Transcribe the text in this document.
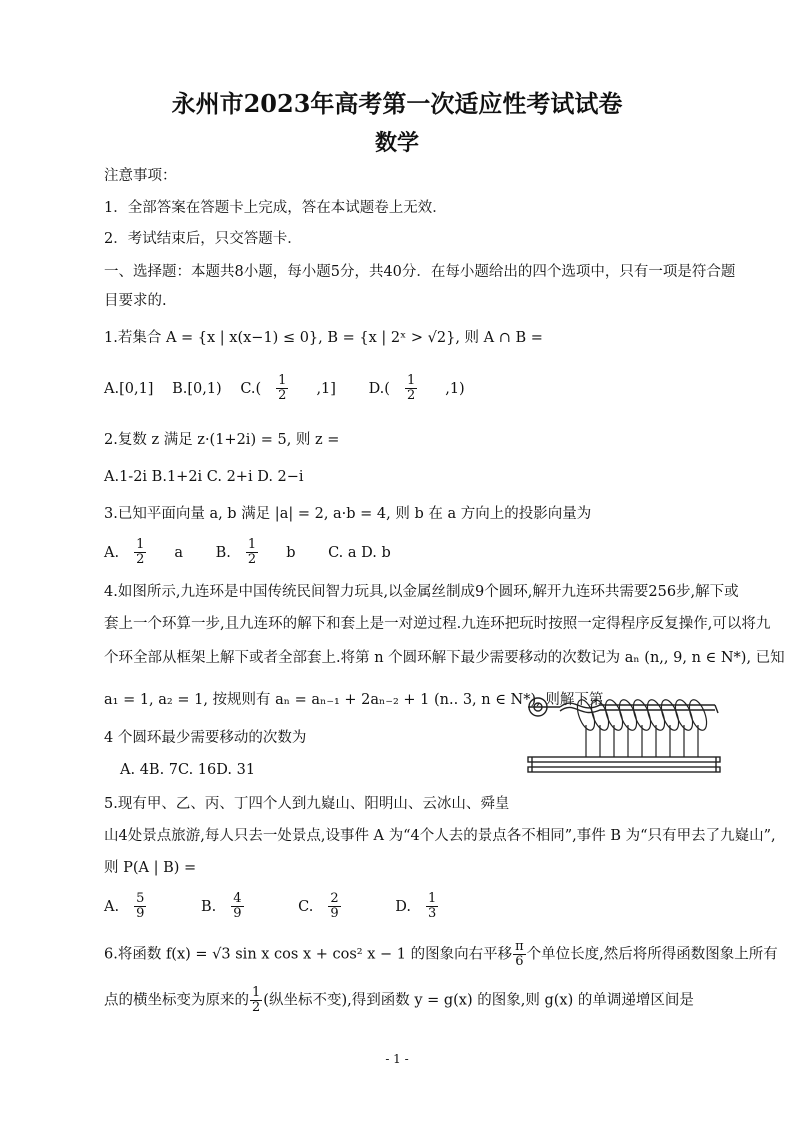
永州市2023年高考第一次适应性考试试卷
数学
注意事项：
1．全部答案在答题卡上完成，答在本试题卷上无效．
2．考试结束后，只交答题卡．
一、选择题：本题共8小题，每小题5分，共40分．在每小题给出的四个选项中，只有一项是符合题
目要求的.
1.若集合 A = {x | x(x−1) ≤ 0}, B = {x | 2ˣ > √2}, 则 A ∩ B =
A.[0,1] B.[0,1) $C.( \frac{1}{2} ,1]$ $D.( \frac{1}{2} ,1)$
2.复数 z 满足 z·(1+2i) = 5, 则 z =
A.1-2i B.1+2i C. 2+i D. 2−i
3.已知平面向量 a, b 满足 |a| = 2, a·b = 4, 则 b 在 a 方向上的投影向量为
A. $\frac{1}{2}$ a B. $\frac{1}{2}$ b C. a D. b
4.如图所示,九连环是中国传统民间智力玩具,以金属丝制成9个圆环,解开九连环共需要256步,解下或
套上一个环算一步,且九连环的解下和套上是一对逆过程.九连环把玩时按照一定得程序反复操作,可以将九
个环全部从框架上解下或者全部套上.将第 n 个圆环解下最少需要移动的次数记为 aₙ (n,, 9, n ∈ N*), 已知
a₁ = 1, a₂ = 1, 按规则有 aₙ = aₙ₋₁ + 2aₙ₋₂ + 1 (n.. 3, n ∈ N*), 则解下第
4 个圆环最少需要移动的次数为
A. 4B. 7C. 16D. 31
5.现有甲、乙、丙、丁四个人到九嶷山、阳明山、云冰山、舜皇
山4处景点旅游,每人只去一处景点,设事件 A 为“4个人去的景点各不相同”,事件 B 为“只有甲去了九嶷山”,
则 P(A | B) =
A. $\frac{5}{9}$	B. $\frac{4}{9}$	C. $\frac{2}{9}$	D. $\frac{1}{3}$
6.将函数 f(x) = √3 sin x cos x + cos² x − 1 的图象向右平移 $\frac{\pi}{6}$ 个单位长度,然后将所得函数图象上所有
点的横坐标变为原来的 $\frac{1}{2}$ (纵坐标不变),得到函数 y = g(x) 的图象,则 g(x) 的单调递增区间是
- 1 -
